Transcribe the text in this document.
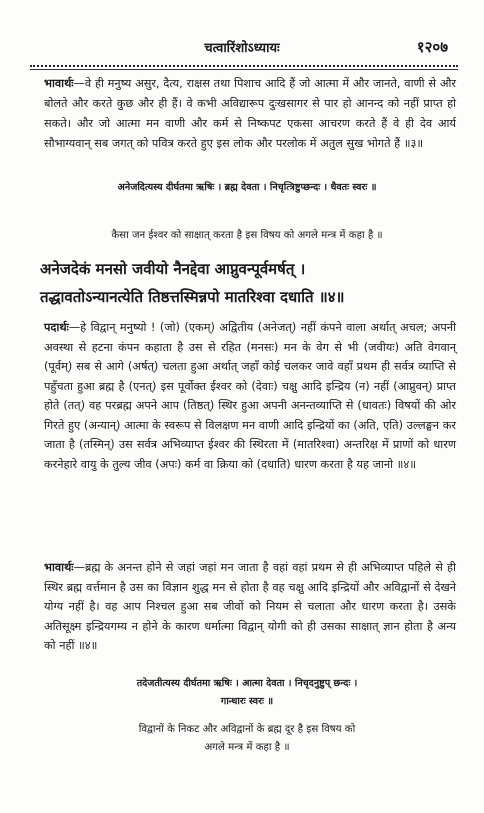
चत्वारिंशोऽध्यायः	१२०७

भावार्थः—वे ही मनुष्य असुर, दैत्य, राक्षस तथा पिशाच आदि हैं जो आत्मा में और जानते, वाणी से और बोलते और करते कुछ और ही हैं। वे कभी अविद्यारूप दुःखसागर से पार हो आनन्द को नहीं प्राप्त हो सकते। और जो आत्मा मन वाणी और कर्म से निष्कपट एकसा आचरण करते हैं वे ही देव आर्य सौभाग्यवान् सब जगत् को पवित्र करते हुए इस लोक और परलोक में अतुल सुख भोगते हैं ॥३॥

अनेजदित्यस्य दीर्घतमा ऋषिः । ब्रह्म देवता । निचृत्त्रिष्टुप्छन्दः । धैवतः स्वरः ॥

कैसा जन ईश्वर को साक्षात् करता है इस विषय को अगले मन्त्र में कहा है ॥

अनेजदेकं मनसो जवीयो नैनद्देवा आप्नुवन्पूर्वमर्षत् ।

तद्धावतोऽन्यानत्येति तिष्ठत्तस्मिन्नपो मातरिश्वा दधाति ॥४॥

पदार्थः—हे विद्वान् मनुष्यो ! (जो) (एकम्) अद्वितीय (अनेजत्) नहीं कंपने वाला अर्थात् अचल; अपनी अवस्था से हटना कंपन कहाता है उस से रहित (मनसः) मन के वेग से भी (जवीयः) अति वेगवान् (पूर्वम्) सब से आगे (अर्षत्) चलता हुआ अर्थात् जहाँ कोई चलकर जावे वहाँ प्रथम ही सर्वत्र व्याप्ति से पहुँचता हुआ ब्रह्म है (एनत्) इस पूर्वोक्त ईश्वर को (देवाः) चक्षु आदि इन्द्रिय (न) नहीं (आप्नुवन्) प्राप्त होते (तत्) वह परब्रह्म अपने आप (तिष्ठत्) स्थिर हुआ अपनी अनन्तव्याप्ति से (धावतः) विषयों की ओर गिरते हुए (अन्यान्) आत्मा के स्वरूप से विलक्षण मन वाणी आदि इन्द्रियों का (अति, एति) उल्लङ्घन कर जाता है (तस्मिन्) उस सर्वत्र अभिव्याप्त ईश्वर की स्थिरता में (मातरिश्वा) अन्तरिक्ष में प्राणों को धारण करनेहारे वायु के तुल्य जीव (अपः) कर्म वा क्रिया को (दधाति) धारण करता है यह जानो ॥४॥

भावार्थः—ब्रह्म के अनन्त होने से जहां जहां मन जाता है वहां वहां प्रथम से ही अभिव्याप्त पहिले से ही स्थिर ब्रह्म वर्त्तमान है उस का विज्ञान शुद्ध मन से होता है वह चक्षु आदि इन्द्रियों और अविद्वानों से देखने योग्य नहीं है। वह आप निश्चल हुआ सब जीवों को नियम से चलाता और धारण करता है। उसके अतिसूक्ष्म इन्द्रियगम्य न होने के कारण धर्मात्मा विद्वान् योगी को ही उसका साक्षात् ज्ञान होता है अन्य को नहीं ॥४॥

तदेजतीत्यस्य दीर्घतमा ऋषिः । आत्मा देवता । निचृदनुष्टुप् छन्दः ।

गान्धारः स्वरः ॥

विद्वानों के निकट और अविद्वानों के ब्रह्म दूर है इस विषय को

अगले मन्त्र में कहा है ॥
